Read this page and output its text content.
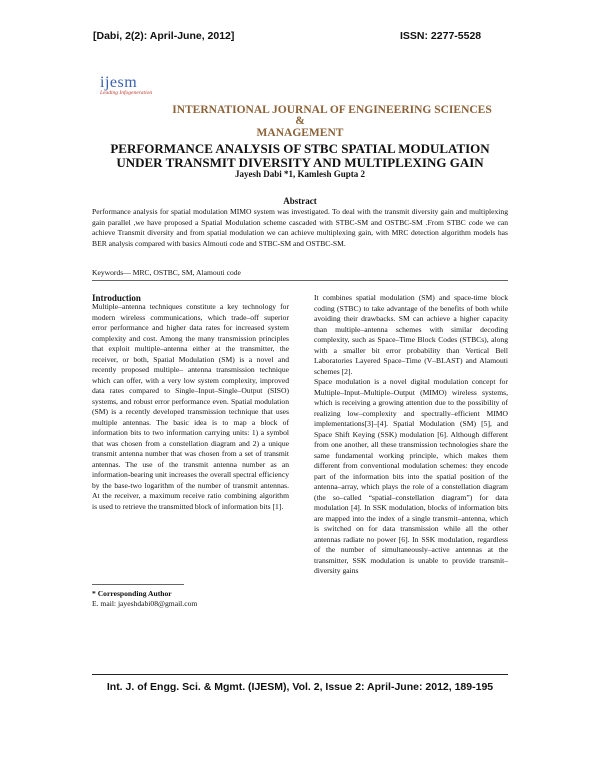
[Dabi, 2(2): April-June, 2012]	ISSN: 2277-5528
ijesm
Leading Infogeneration
INTERNATIONAL JOURNAL OF ENGINEERING SCIENCES
&
MANAGEMENT
PERFORMANCE ANALYSIS OF STBC SPATIAL MODULATION
UNDER TRANSMIT DIVERSITY AND MULTIPLEXING GAIN
Jayesh Dabi *1, Kamlesh Gupta 2
Abstract
Performance analysis for spatial modulation MIMO system was investigated. To deal with the transmit diversity gain and multiplexing gain parallel ,we have proposed a Spatial Modulation scheme cascaded with STBC-SM and OSTBC-SM .From STBC code we can achieve Transmit diversity and from spatial modulation we can achieve multiplexing gain, with MRC detection algorithm models has BER analysis compared with basics Almouti code and STBC-SM and OSTBC-SM.
Keywords— MRC, OSTBC, SM, Alamouti code
Introduction

Multiple–antenna techniques constitute a key technology for modern wireless communications, which trade–off superior error performance and higher data rates for increased system complexity and cost. Among the many transmission principles that exploit multiple–antenna either at the transmitter, the receiver, or both, Spatial Modulation (SM) is a novel and recently proposed multiple– antenna transmission technique which can offer, with a very low system complexity, improved data rates compared to Single–Input–Single–Output (SISO) systems, and robust error performance even. Spatial modulation (SM) is a recently developed transmission technique that uses multiple antennas. The basic idea is to map a block of information bits to two information carrying units: 1) a symbol that was chosen from a constellation diagram and 2) a unique transmit antenna number that was chosen from a set of transmit antennas. The use of the transmit antenna number as an information-bearing unit increases the overall spectral efficiency by the base-two logarithm of the number of transmit antennas. At the receiver, a maximum receive ratio combining algorithm is used to retrieve the transmitted block of information bits [1].

It combines spatial modulation (SM) and space-time block coding (STBC) to take advantage of the benefits of both while avoiding their drawbacks. SM can achieve a higher capacity than multiple–antenna schemes with similar decoding complexity, such as Space–Time Block Codes (STBCs), along with a smaller bit error probability than Vertical Bell Laboratories Layered Space–Time (V–BLAST) and Alamouti schemes [2].

Space modulation is a novel digital modulation concept for Multiple–Input–Multiple–Output (MIMO) wireless systems, which is receiving a growing attention due to the possibility of realizing low–complexity and spectrally–efficient MIMO implementations[3]–[4]. Spatial Modulation (SM) [5], and Space Shift Keying (SSK) modulation [6]. Although different from one another, all these transmission technologies share the same fundamental working principle, which makes them different from conventional modulation schemes: they encode part of the information bits into the spatial position of the antenna–array, which plays the role of a constellation diagram (the so–called “spatial–constellation diagram”) for data modulation [4]. In SSK modulation, blocks of information bits are mapped into the index of a single transmit–antenna, which is switched on for data transmission while all the other antennas radiate no power [6]. In SSK modulation, regardless of the number of simultaneously–active antennas at the transmitter, SSK modulation is unable to provide transmit–diversity gains

* Corresponding Author
E. mail: jayeshdabi08@gmail.com
Int. J. of Engg. Sci. & Mgmt. (IJESM), Vol. 2, Issue 2: April-June: 2012, 189-195
